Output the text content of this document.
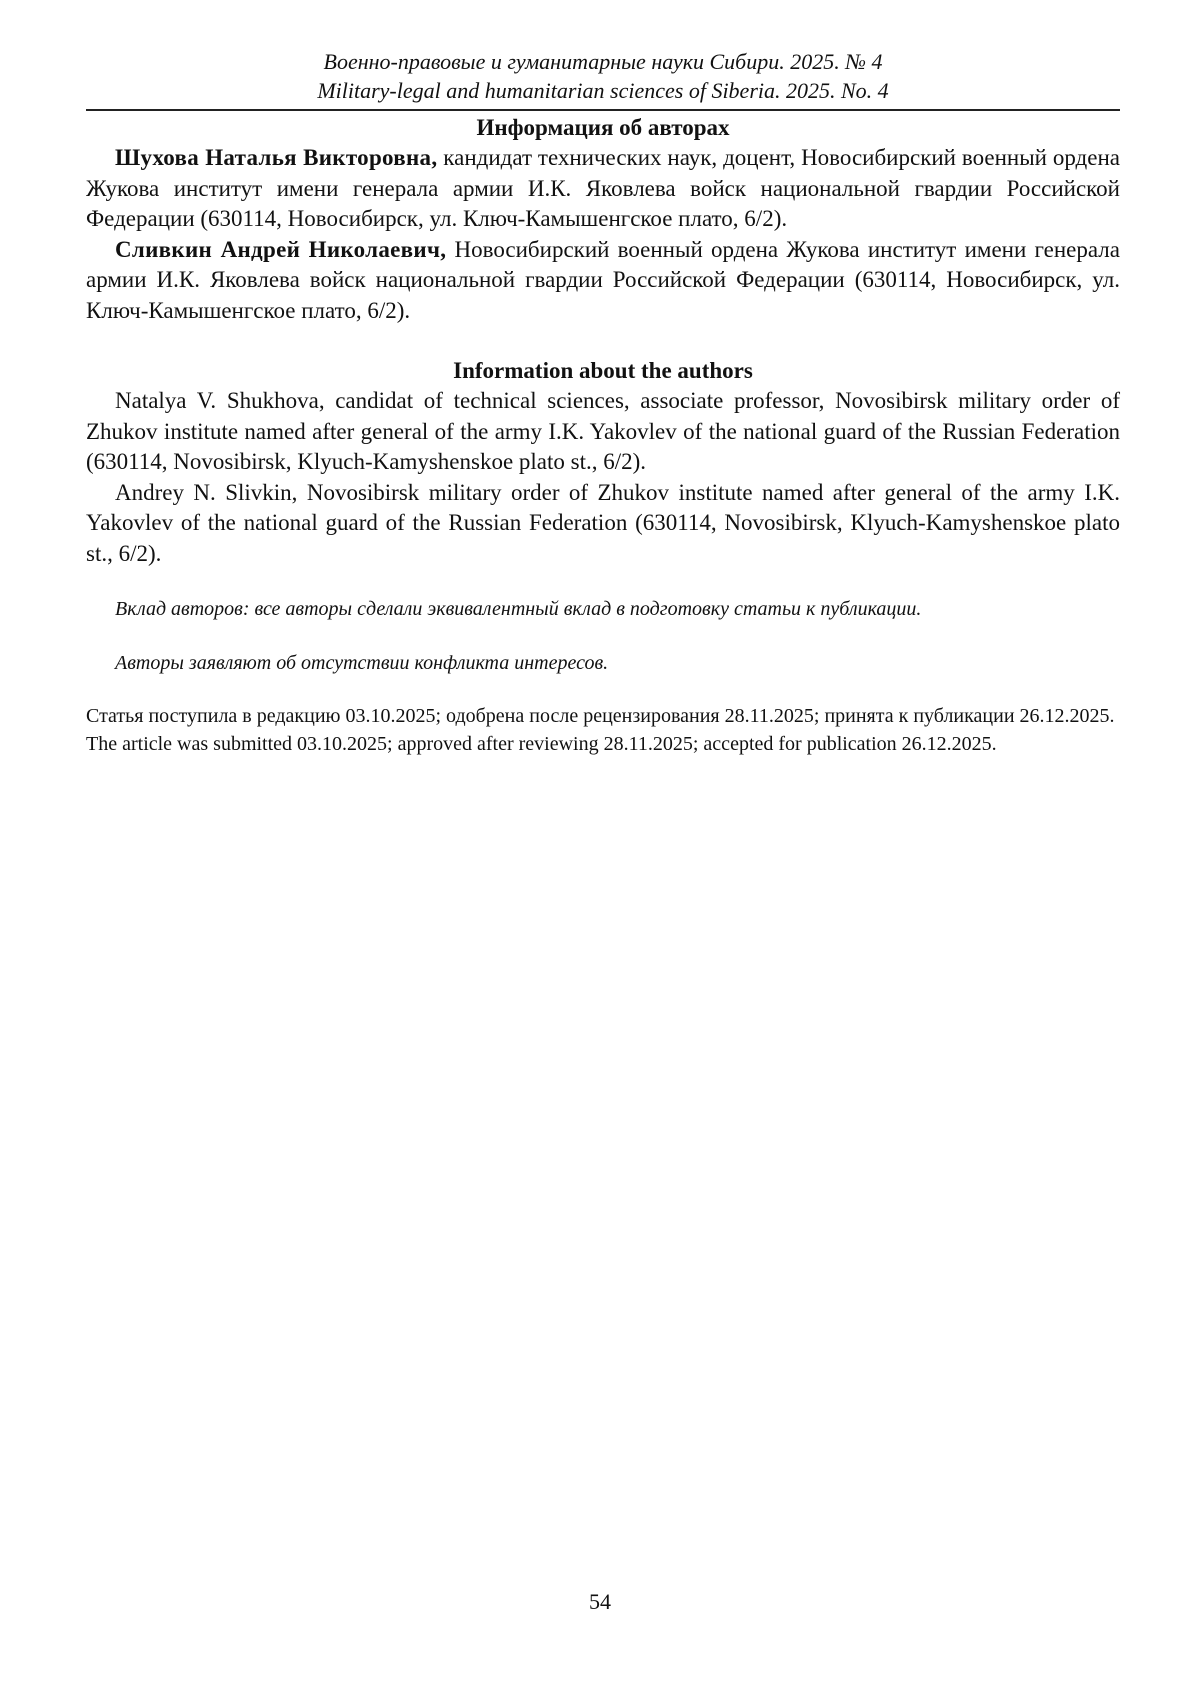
Военно-правовые и гуманитарные науки Сибири. 2025. № 4
Military-legal and humanitarian sciences of Siberia. 2025. No. 4
Информация об авторах

Шухова Наталья Викторовна, кандидат технических наук, доцент, Новосибирский военный ордена Жукова институт имени генерала армии И.К. Яковлева войск национальной гвардии Российской Федерации (630114, Новосибирск, ул. Ключ-Камышенгское плато, 6/2).

Сливкин Андрей Николаевич, Новосибирский военный ордена Жукова институт имени генерала армии И.К. Яковлева войск национальной гвардии Российской Федерации (630114, Новосибирск, ул. Ключ-Камышенгское плато, 6/2).

Information about the authors

Natalya V. Shukhova, candidat of technical sciences, associate professor, Novosibirsk military order of Zhukov institute named after general of the army I.K. Yakovlev of the national guard of the Russian Federation (630114, Novosibirsk, Klyuch-Kamyshenskoe plato st., 6/2).

Andrey N. Slivkin, Novosibirsk military order of Zhukov institute named after general of the army I.K. Yakovlev of the national guard of the Russian Federation (630114, Novosibirsk, Klyuch-Kamyshenskoe plato st., 6/2).

Вклад авторов: все авторы сделали эквивалентный вклад в подготовку статьи к публикации.

Авторы заявляют об отсутствии конфликта интересов.

Статья поступила в редакцию 03.10.2025; одобрена после рецензирования 28.11.2025; принята к публикации 26.12.2025.

The article was submitted 03.10.2025; approved after reviewing 28.11.2025; accepted for publication 26.12.2025.

54
